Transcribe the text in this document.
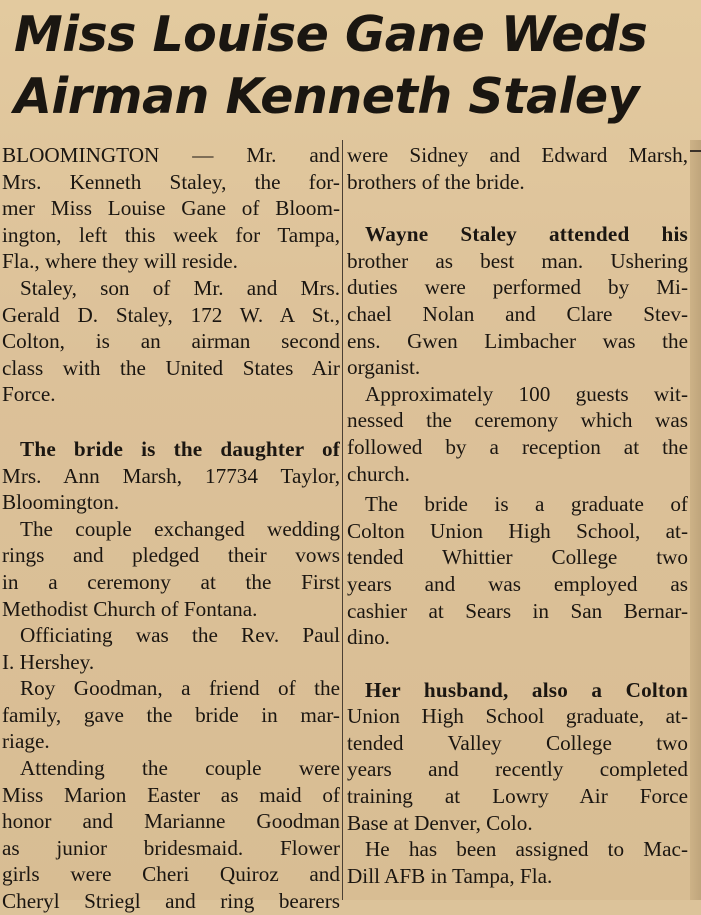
Miss Louise Gane Weds
Airman Kenneth Staley

BLOOMINGTON — Mr. and
Mrs. Kenneth Staley, the for-
mer Miss Louise Gane of Bloom-
ington, left this week for Tampa,
Fla., where they will reside.

Staley, son of Mr. and Mrs.
Gerald D. Staley, 172 W. A St.,
Colton, is an airman second
class with the United States Air
Force.

The bride is the daughter of
Mrs. Ann Marsh, 17734 Taylor,
Bloomington.

The couple exchanged wedding
rings and pledged their vows
in a ceremony at the First
Methodist Church of Fontana.

Officiating was the Rev. Paul
I. Hershey.

Roy Goodman, a friend of the
family, gave the bride in mar-
riage.

Attending the couple were
Miss Marion Easter as maid of
honor and Marianne Goodman
as junior bridesmaid. Flower
girls were Cheri Quiroz and
Cheryl Striegl and ring bearers

were Sidney and Edward Marsh,
brothers of the bride.

Wayne Staley attended his
brother as best man. Ushering
duties were performed by Mi-
chael Nolan and Clare Stev-
ens. Gwen Limbacher was the
organist.

Approximately 100 guests wit-
nessed the ceremony which was
followed by a reception at the
church.

The bride is a graduate of
Colton Union High School, at-
tended Whittier College two
years and was employed as
cashier at Sears in San Bernar-
dino.

Her husband, also a Colton
Union High School graduate, at-
tended Valley College two
years and recently completed
training at Lowry Air Force
Base at Denver, Colo.

He has been assigned to Mac-
Dill AFB in Tampa, Fla.
